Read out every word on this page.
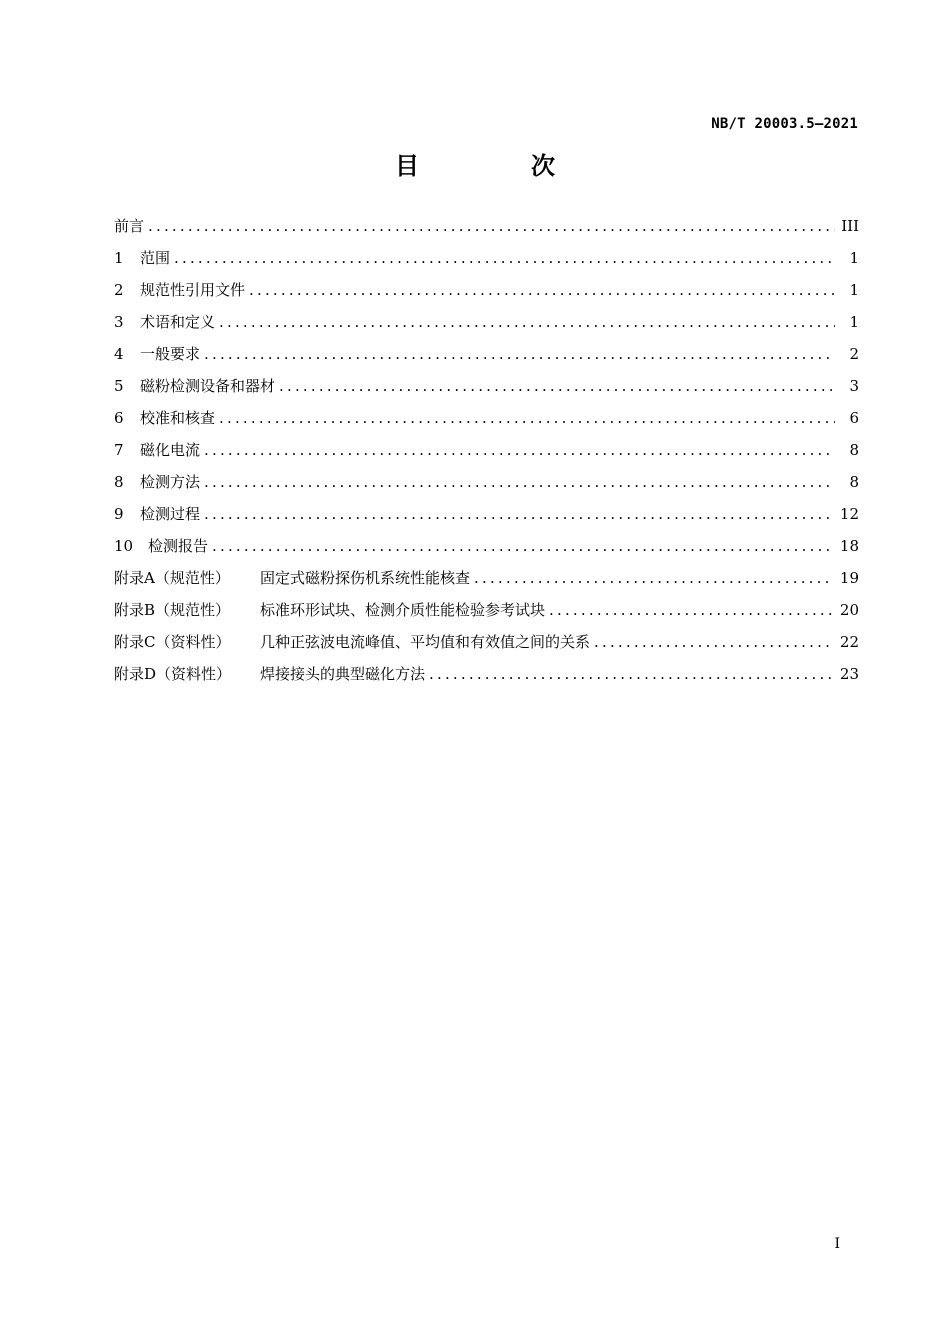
NB/T 20003.5—2021
目　次
前言 .....	III
1	范围 .....	1
2	规范性引用文件 .....	1
3	术语和定义 .....	1
4	一般要求 .....	2
5	磁粉检测设备和器材 .....	3
6	校准和核查 .....	6
7	磁化电流 .....	8
8	检测方法 .....	8
9	检测过程 .....	12
10 检测报告 .....	18
附录A（规范性）	固定式磁粉探伤机系统性能核查 .....	19
附录B（规范性）	标准环形试块、检测介质性能检验参考试块 .....	20
附录C（资料性）	几种正弦波电流峰值、平均值和有效值之间的关系 .....	22
附录D（资料性）	焊接接头的典型磁化方法 .....	23
I
